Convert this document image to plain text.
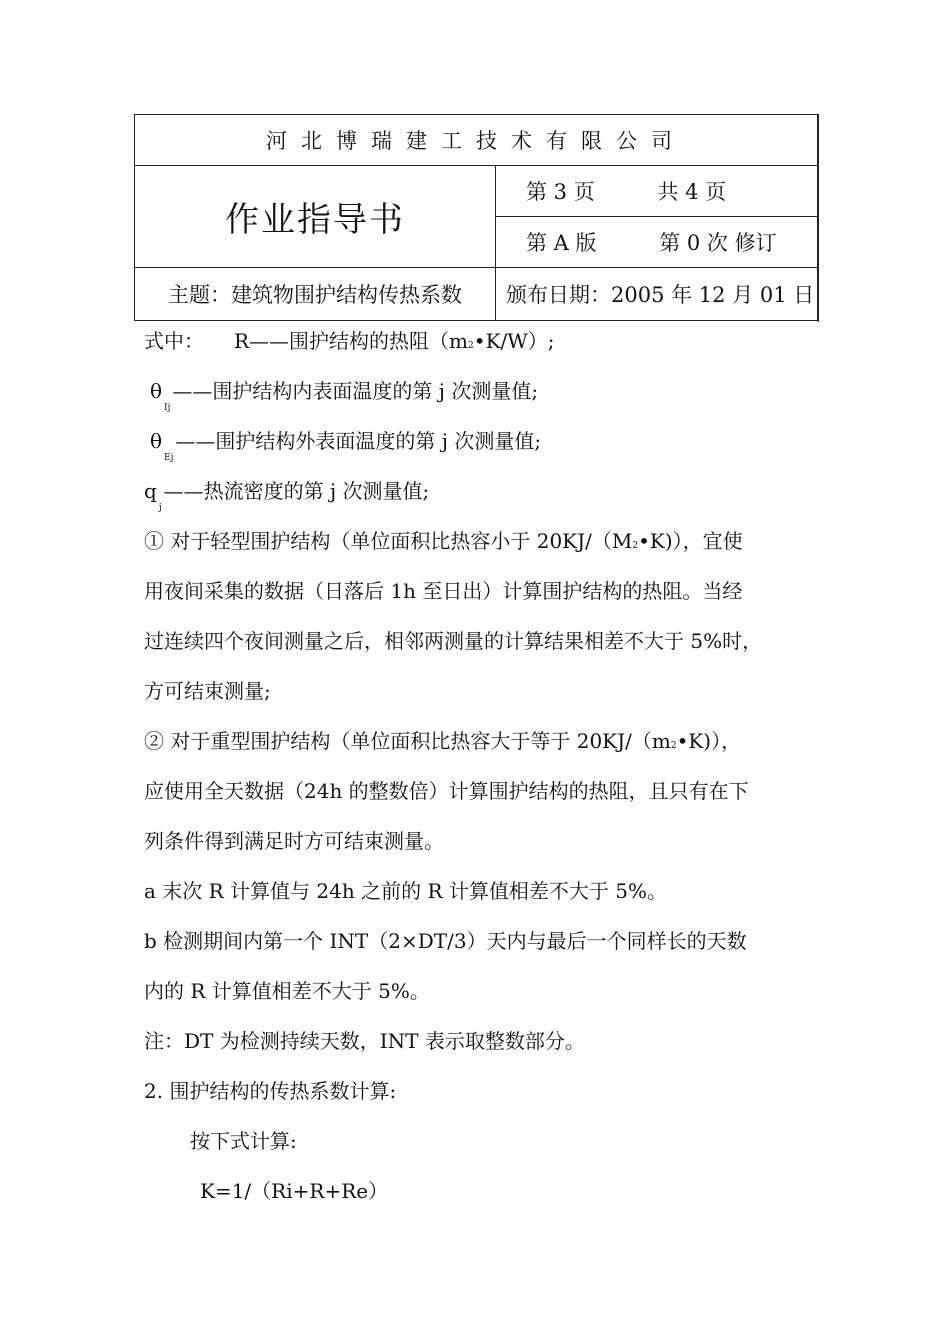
河北博瑞建工技术有限公司	
作业指导书	第 3 页 共 4 页
	第 A 版 第 0 次 修订
主题：建筑物围护结构传热系数	颁布日期：2005 年 12 月 01 日
式中： R——围护结构的热阻（m2•K/W）;
$\theta_{Ij}——$围护结构内表面温度的第 j 次测量值;
$\theta_{Ej}——$围护结构外表面温度的第 j 次测量值;
$q_j——$热流密度的第 j 次测量值;
① 对于轻型围护结构（单位面积比热容小于 20KJ/（M2•K)），宜使
用夜间采集的数据（日落后 1h 至日出）计算围护结构的热阻。当经
过连续四个夜间测量之后，相邻两测量的计算结果相差不大于 5%时，
方可结束测量;
② 对于重型围护结构（单位面积比热容大于等于 20KJ/（m2•K)），
应使用全天数据（24h 的整数倍）计算围护结构的热阻，且只有在下
列条件得到满足时方可结束测量。
a 末次 R 计算值与 24h 之前的 R 计算值相差不大于 5%。
b 检测期间内第一个 INT（2×DT/3）天内与最后一个同样长的天数
内的 R 计算值相差不大于 5%。
注：DT 为检测持续天数，INT 表示取整数部分。
2. 围护结构的传热系数计算:
按下式计算:
K=1/（Ri+R+Re）
